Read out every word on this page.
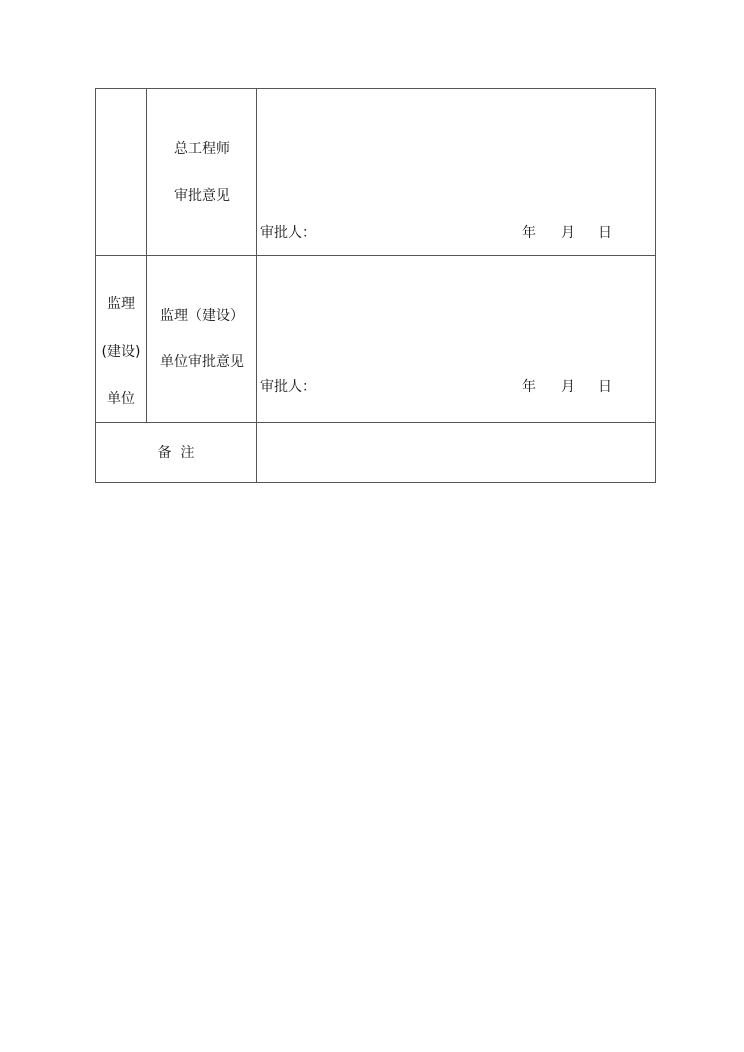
总工程师
审批意见
审批人：	年 月 日
监理
(建设)
单位
监理（建设）
单位审批意见
审批人：	年 月 日
备  注
